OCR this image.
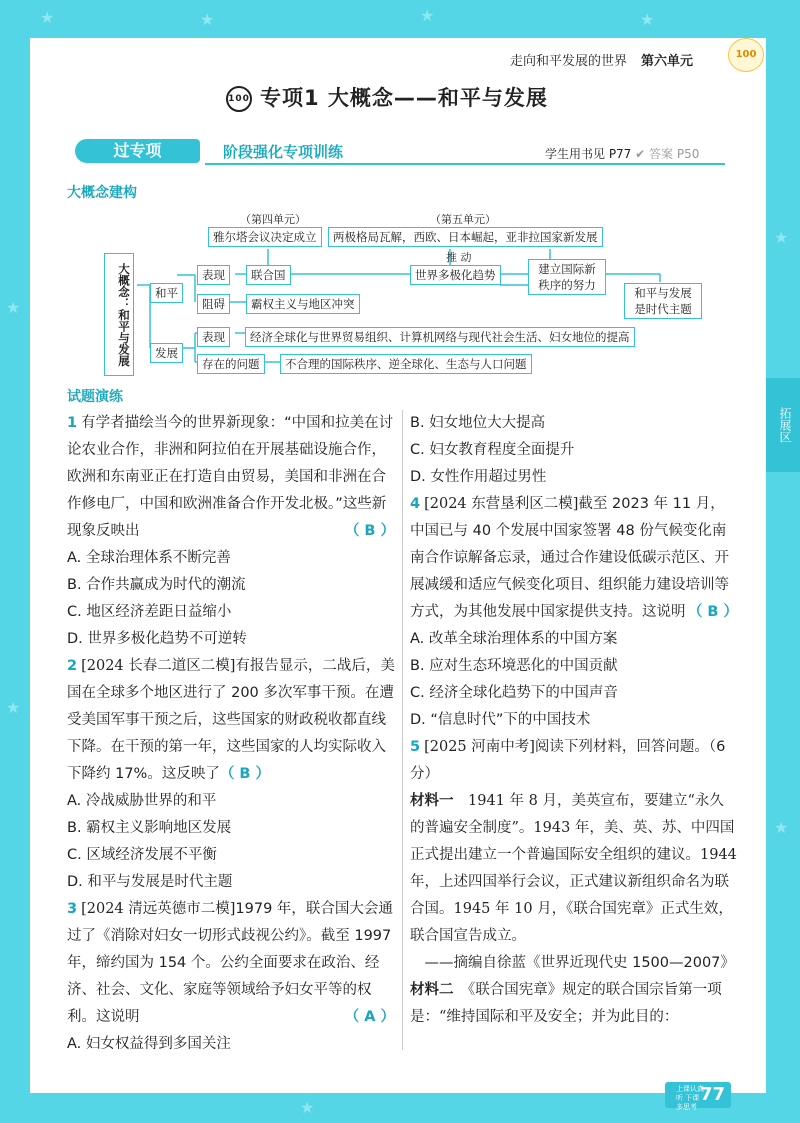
★	★	★	★
★
★
★
★
★
走向和平发展的世界 第六单元	100
100 专项1 大概念——和平与发展
过专项	阶段强化专项训练	学生用书见 P77 ✔ 答案 P50
大概念建构
（第四单元）	（第五单元）
雅尔塔会议决定成立	两极格局瓦解，西欧、日本崛起，亚非拉国家新发展
推 动
大概念：和平与发展	和平
发展
表现	联合国	世界多极化趋势	建立国际新秩序的努力
和平与发展是时代主题
阻碍	霸权主义与地区冲突
表现	经济全球化与世界贸易组织、计算机网络与现代社会生活、妇女地位的提高
存在的问题	不合理的国际秩序、逆全球化、生态与人口问题
试题演练

1 有学者描绘当今的世界新现象：“中国和拉美在讨论农业合作，非洲和阿拉伯在开展基础设施合作，欧洲和东南亚正在打造自由贸易，美国和非洲在合作修电厂，中国和欧洲准备合作开发北极。”这些新现象反映出	（ B ）

A. 全球治理体系不断完善

B. 合作共赢成为时代的潮流

C. 地区经济差距日益缩小

D. 世界多极化趋势不可逆转

2 [2024 长春二道区二模]有报告显示，二战后，美国在全球多个地区进行了 200 多次军事干预。在遭受美国军事干预之后，这些国家的财政税收都直线下降。在干预的第一年，这些国家的人均实际收入下降约 17%。这反映了（ B ）

A. 冷战威胁世界的和平

B. 霸权主义影响地区发展

C. 区域经济发展不平衡

D. 和平与发展是时代主题

3 [2024 清远英德市二模]1979 年，联合国大会通过了《消除对妇女一切形式歧视公约》。截至 1997 年，缔约国为 154 个。公约全面要求在政治、经济、社会、文化、家庭等领域给予妇女平等的权利。这说明	（ A ）

A. 妇女权益得到多国关注

B. 妇女地位大大提高

C. 妇女教育程度全面提升

D. 女性作用超过男性

4 [2024 东营垦利区二模]截至 2023 年 11 月，中国已与 40 个发展中国家签署 48 份气候变化南南合作谅解备忘录，通过合作建设低碳示范区、开展减缓和适应气候变化项目、组织能力建设培训等方式，为其他发展中国家提供支持。这说明 （ B ）

A. 改革全球治理体系的中国方案

B. 应对生态环境恶化的中国贡献

C. 经济全球化趋势下的中国声音

D. “信息时代”下的中国技术

5 [2025 河南中考]阅读下列材料，回答问题。（6 分）

材料一　 1941 年 8 月，美英宣布，要建立“永久的普遍安全制度”。1943 年，美、英、苏、中四国正式提出建立一个普遍国际安全组织的建议。1944 年，上述四国举行会议，正式建议新组织命名为联合国。1945 年 10 月，《联合国宪章》正式生效，联合国宣告成立。

——摘编自徐蓝《世界近现代史 1500—2007》

材料二　 《联合国宪章》规定的联合国宗旨第一项是：“维持国际和平及安全；并为此目的：

拓展区
77
上课认真听 下课多思考
